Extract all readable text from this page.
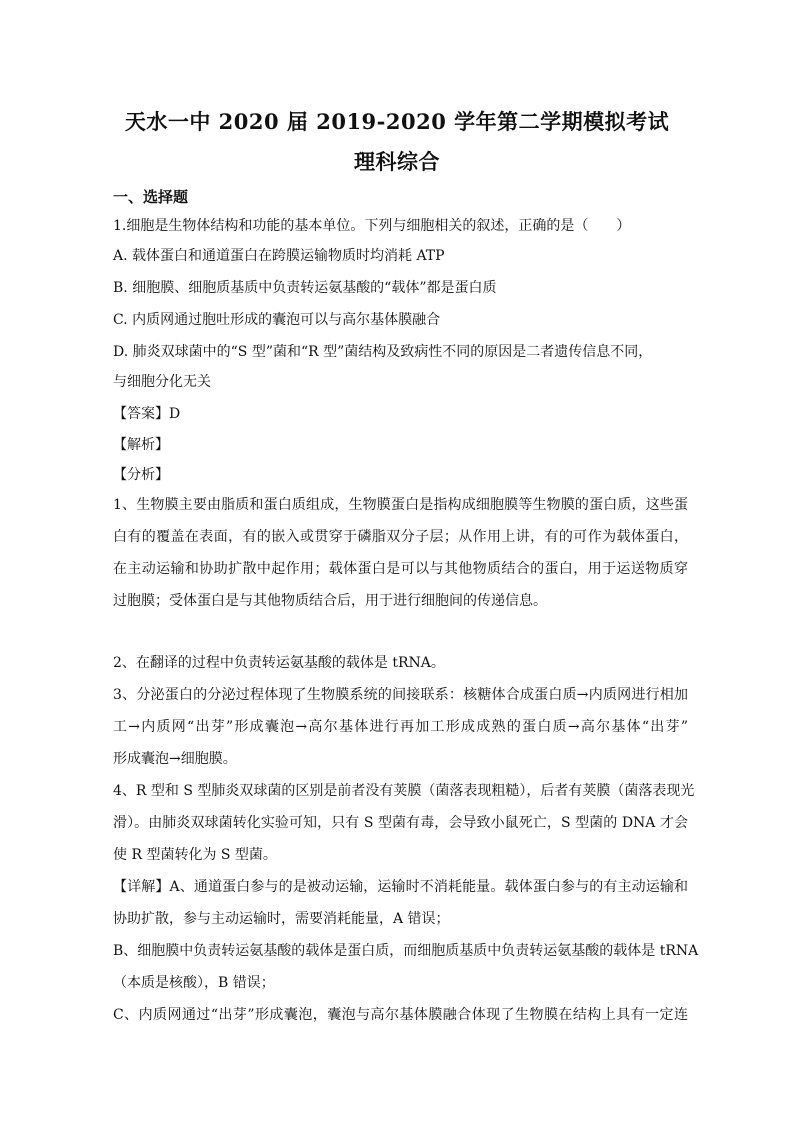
天水一中 2020 届 2019-2020 学年第二学期模拟考试
理科综合
一、选择题
1.细胞是生物体结构和功能的基本单位。下列与细胞相关的叙述，正确的是（　　）
A. 载体蛋白和通道蛋白在跨膜运输物质时均消耗 ATP
B. 细胞膜、细胞质基质中负责转运氨基酸的“载体”都是蛋白质
C. 内质网通过胞吐形成的囊泡可以与高尔基体膜融合
D. 肺炎双球菌中的“S 型”菌和“R 型”菌结构及致病性不同的原因是二者遗传信息不同，
与细胞分化无关
【答案】D
【解析】
【分析】
1、生物膜主要由脂质和蛋白质组成，生物膜蛋白是指构成细胞膜等生物膜的蛋白质，这些蛋
白有的覆盖在表面，有的嵌入或贯穿于磷脂双分子层；从作用上讲，有的可作为载体蛋白，
在主动运输和协助扩散中起作用；载体蛋白是可以与其他物质结合的蛋白，用于运送物质穿
过胞膜；受体蛋白是与其他物质结合后，用于进行细胞间的传递信息。
2、在翻译的过程中负责转运氨基酸的载体是 tRNA。
3、分泌蛋白的分泌过程体现了生物膜系统的间接联系：核糖体合成蛋白质→内质网进行相加
工→内质网“出芽”形成囊泡→高尔基体进行再加工形成成熟的蛋白质→高尔基体“出芽”
形成囊泡→细胞膜。
4、R 型和 S 型肺炎双球菌的区别是前者没有荚膜（菌落表现粗糙），后者有荚膜（菌落表现光
滑）。由肺炎双球菌转化实验可知，只有 S 型菌有毒，会导致小鼠死亡，S 型菌的 DNA 才会
使 R 型菌转化为 S 型菌。
【详解】A、通道蛋白参与的是被动运输，运输时不消耗能量。载体蛋白参与的有主动运输和
协助扩散，参与主动运输时，需要消耗能量，A 错误；
B、细胞膜中负责转运氨基酸的载体是蛋白质，而细胞质基质中负责转运氨基酸的载体是 tRNA
（本质是核酸），B 错误；
C、内质网通过“出芽”形成囊泡，囊泡与高尔基体膜融合体现了生物膜在结构上具有一定连
